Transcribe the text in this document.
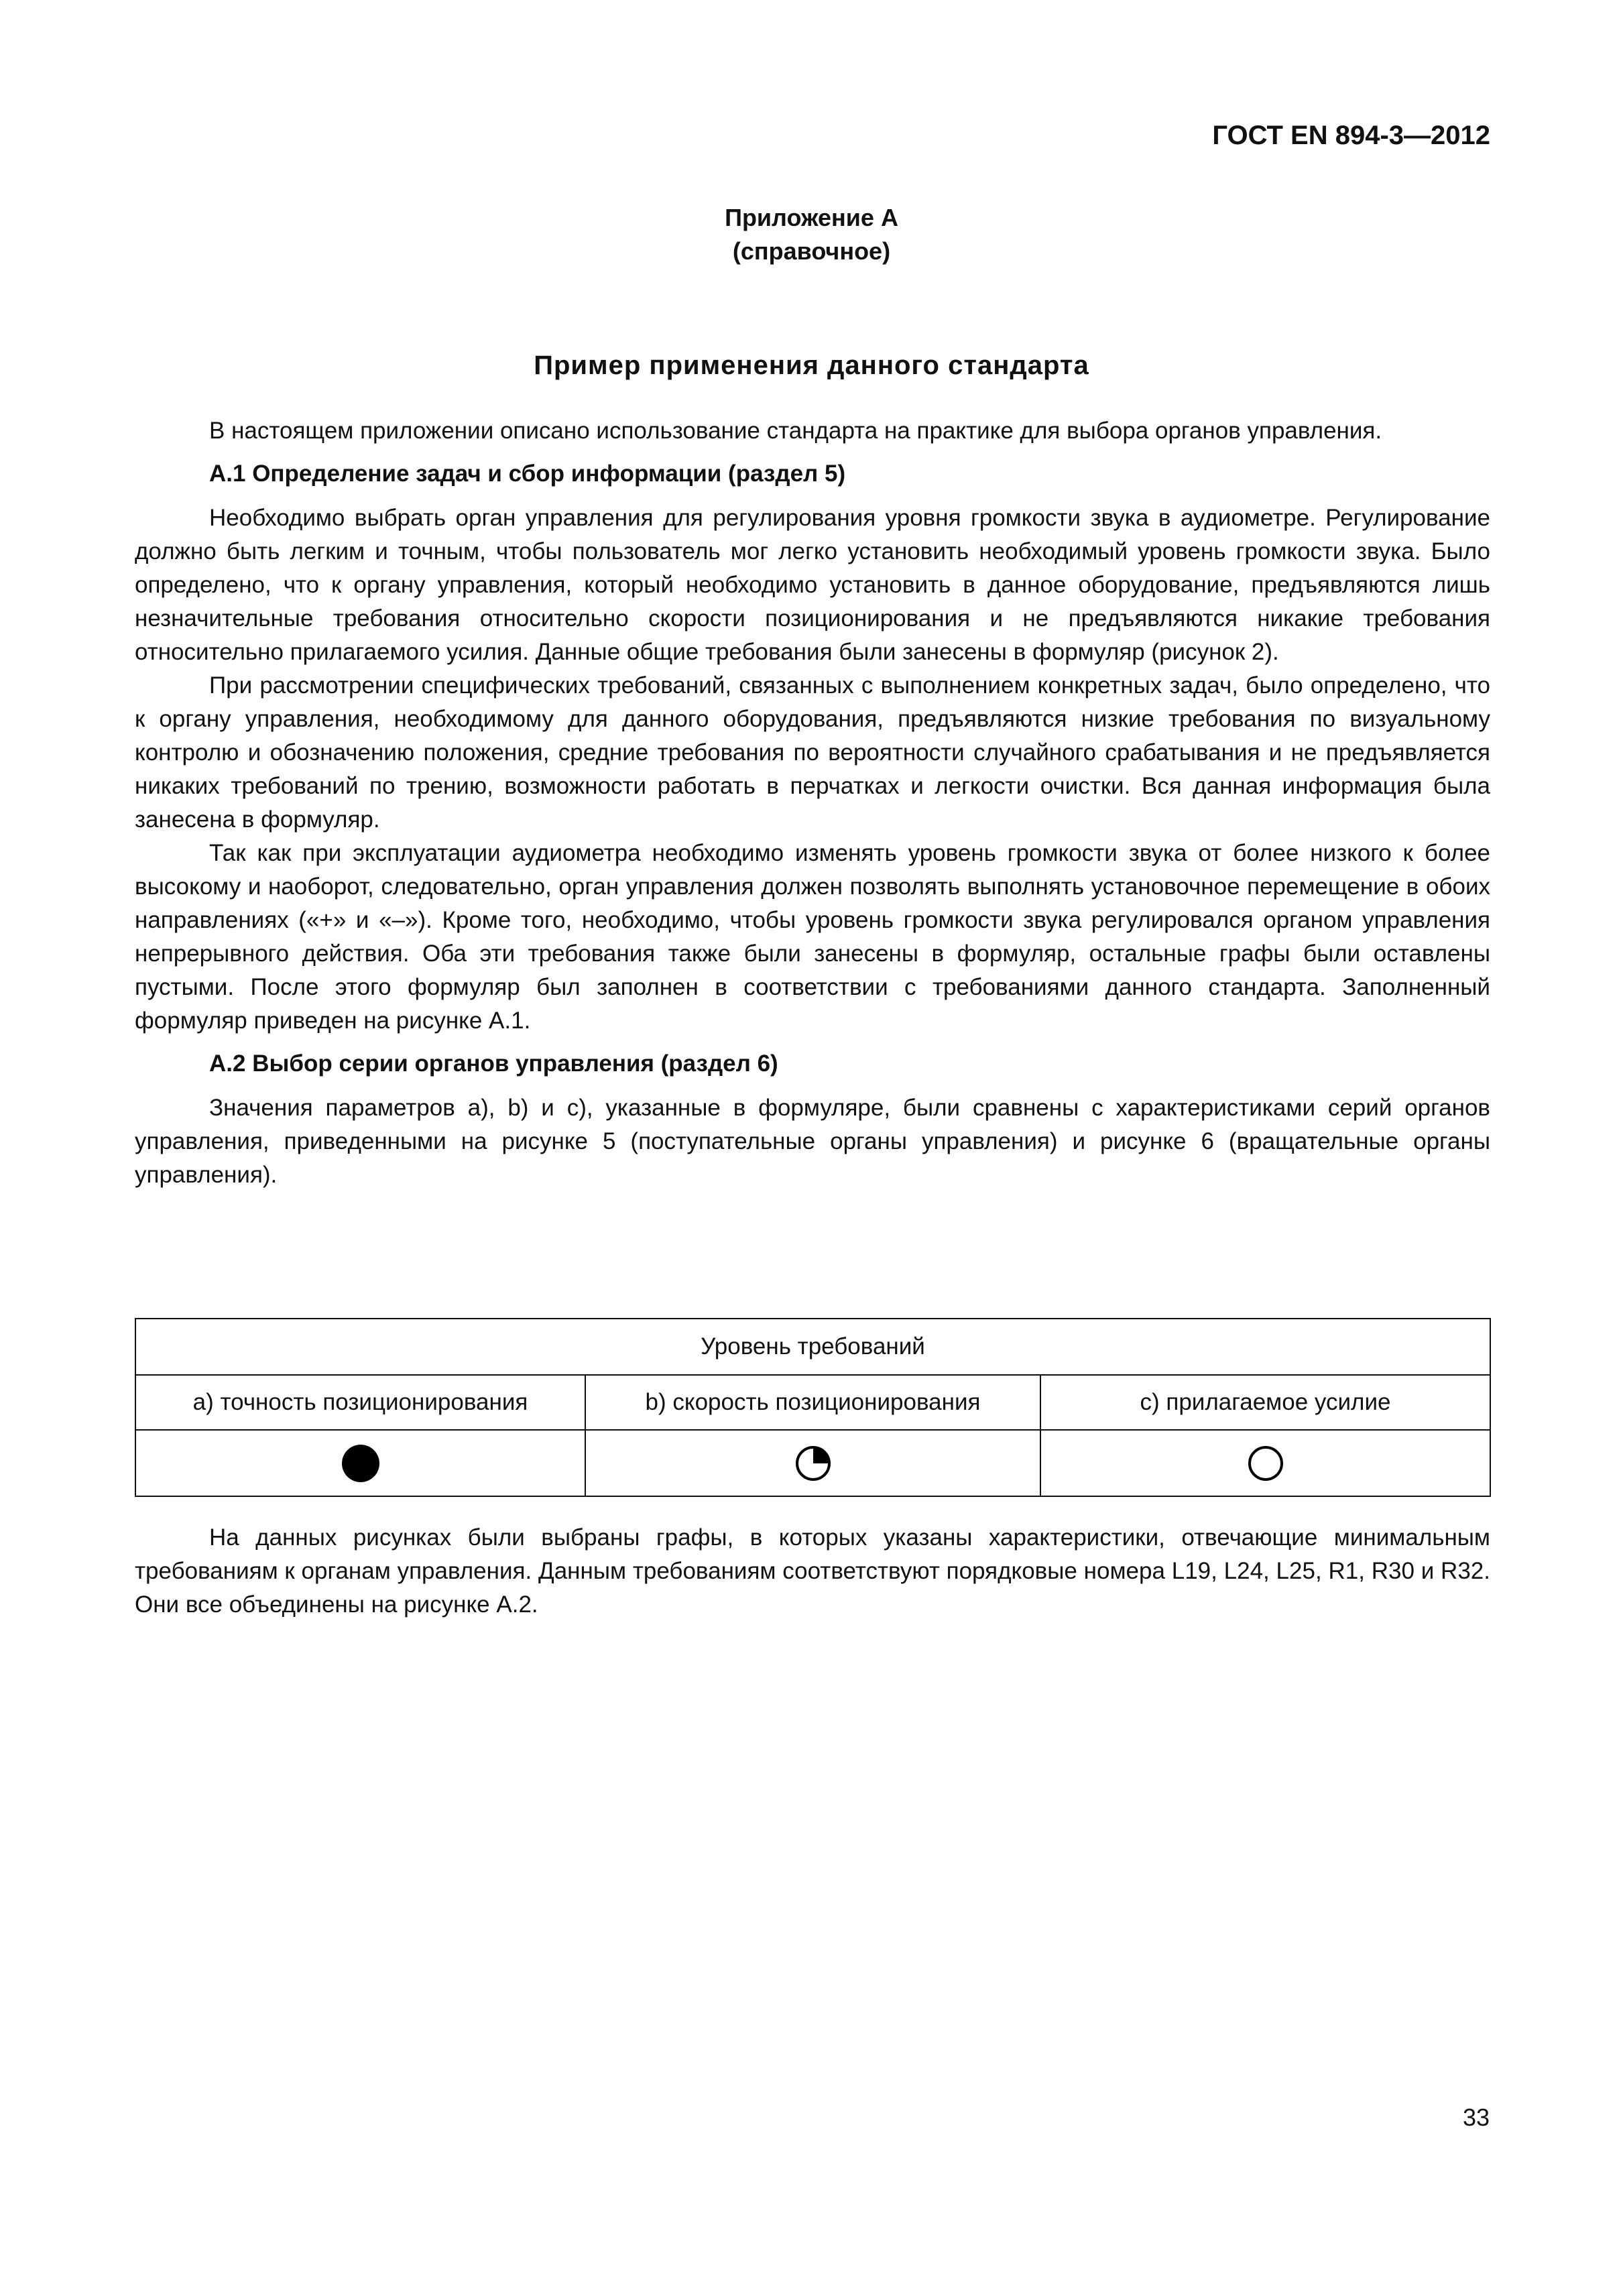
ГОСТ EN 894-3—2012
Приложение А
(справочное)
Пример применения данного стандарта

В настоящем приложении описано использование стандарта на практике для выбора органов управления.

А.1 Определение задач и сбор информации (раздел 5)

Необходимо выбрать орган управления для регулирования уровня громкости звука в аудиометре. Регулирование должно быть легким и точным, чтобы пользователь мог легко установить необходимый уровень громкости звука. Было определено, что к органу управления, который необходимо установить в данное оборудование, предъявляются лишь незначительные требования относительно скорости позиционирования и не предъявляются никакие требования относительно прилагаемого усилия. Данные общие требования были занесены в формуляр (рисунок 2).

При рассмотрении специфических требований, связанных с выполнением конкретных задач, было определено, что к органу управления, необходимому для данного оборудования, предъявляются низкие требования по визуальному контролю и обозначению положения, средние требования по вероятности случайного срабатывания и не предъявляется никаких требований по трению, возможности работать в перчатках и легкости очистки. Вся данная информация была занесена в формуляр.

Так как при эксплуатации аудиометра необходимо изменять уровень громкости звука от более низкого к более высокому и наоборот, следовательно, орган управления должен позволять выполнять установочное перемещение в обоих направлениях («+» и «–»). Кроме того, необходимо, чтобы уровень громкости звука регулировался органом управления непрерывного действия. Оба эти требования также были занесены в формуляр, остальные графы были оставлены пустыми. После этого формуляр был заполнен в соответствии с требованиями данного стандарта. Заполненный формуляр приведен на рисунке А.1.

А.2 Выбор серии органов управления (раздел 6)

Значения параметров a), b) и c), указанные в формуляре, были сравнены с характеристиками серий органов управления, приведенными на рисунке 5 (поступательные органы управления) и рисунке 6 (вращательные органы управления).

Уровень требований		
a) точность позиционирования	b) скорость позиционирования	c) прилагаемое усилие

На данных рисунках были выбраны графы, в которых указаны характеристики, отвечающие минимальным требованиям к органам управления. Данным требованиям соответствуют порядковые номера L19, L24, L25, R1, R30 и R32. Они все объединены на рисунке А.2.

33
